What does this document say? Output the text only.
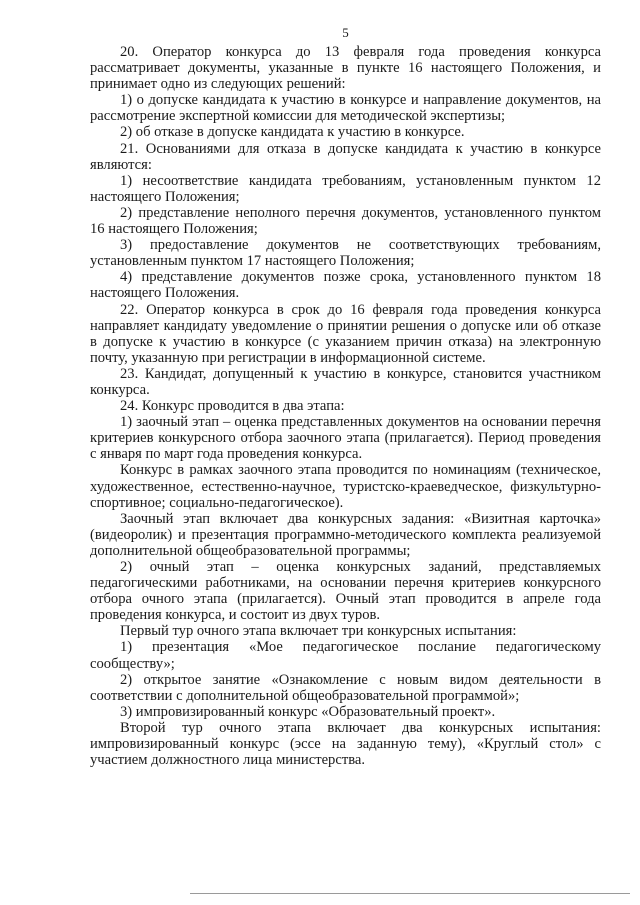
5

20. Оператор конкурса до 13 февраля года проведения конкурса рассматривает документы, указанные в пункте 16 настоящего Положения, и принимает одно из следующих решений:

1) о допуске кандидата к участию в конкурсе и направление документов, на рассмотрение экспертной комиссии для методической экспертизы;

2) об отказе в допуске кандидата к участию в конкурсе.

21. Основаниями для отказа в допуске кандидата к участию в конкурсе являются:

1) несоответствие кандидата требованиям, установленным пунктом 12 настоящего Положения;

2) представление неполного перечня документов, установленного пунктом 16 настоящего Положения;

3) предоставление документов не соответствующих требованиям, установленным пунктом 17 настоящего Положения;

4) представление документов позже срока, установленного пунктом 18 настоящего Положения.

22. Оператор конкурса в срок до 16 февраля года проведения конкурса направляет кандидату уведомление о принятии решения о допуске или об отказе в допуске к участию в конкурсе (с указанием причин отказа) на электронную почту, указанную при регистрации в информационной системе.

23. Кандидат, допущенный к участию в конкурсе, становится участником конкурса.

24. Конкурс проводится в два этапа:

1) заочный этап – оценка представленных документов на основании перечня критериев конкурсного отбора заочного этапа (прилагается). Период проведения с января по март года проведения конкурса.

Конкурс в рамках заочного этапа проводится по номинациям (техническое, художественное, естественно-научное, туристско-краеведческое, физкультурно-спортивное; социально-педагогическое).

Заочный этап включает два конкурсных задания: «Визитная карточка» (видеоролик) и презентация программно-методического комплекта реализуемой дополнительной общеобразовательной программы;

2) очный этап – оценка конкурсных заданий, представляемых педагогическими работниками, на основании перечня критериев конкурсного отбора очного этапа (прилагается). Очный этап проводится в апреле года проведения конкурса, и состоит из двух туров.

Первый тур очного этапа включает три конкурсных испытания:

1) презентация «Мое педагогическое послание педагогическому сообществу»;

2) открытое занятие «Ознакомление с новым видом деятельности в соответствии с дополнительной общеобразовательной программой»;

3) импровизированный конкурс «Образовательный проект».

Второй тур очного этапа включает два конкурсных испытания: импровизированный конкурс (эссе на заданную тему), «Круглый стол» с участием должностного лица министерства.
